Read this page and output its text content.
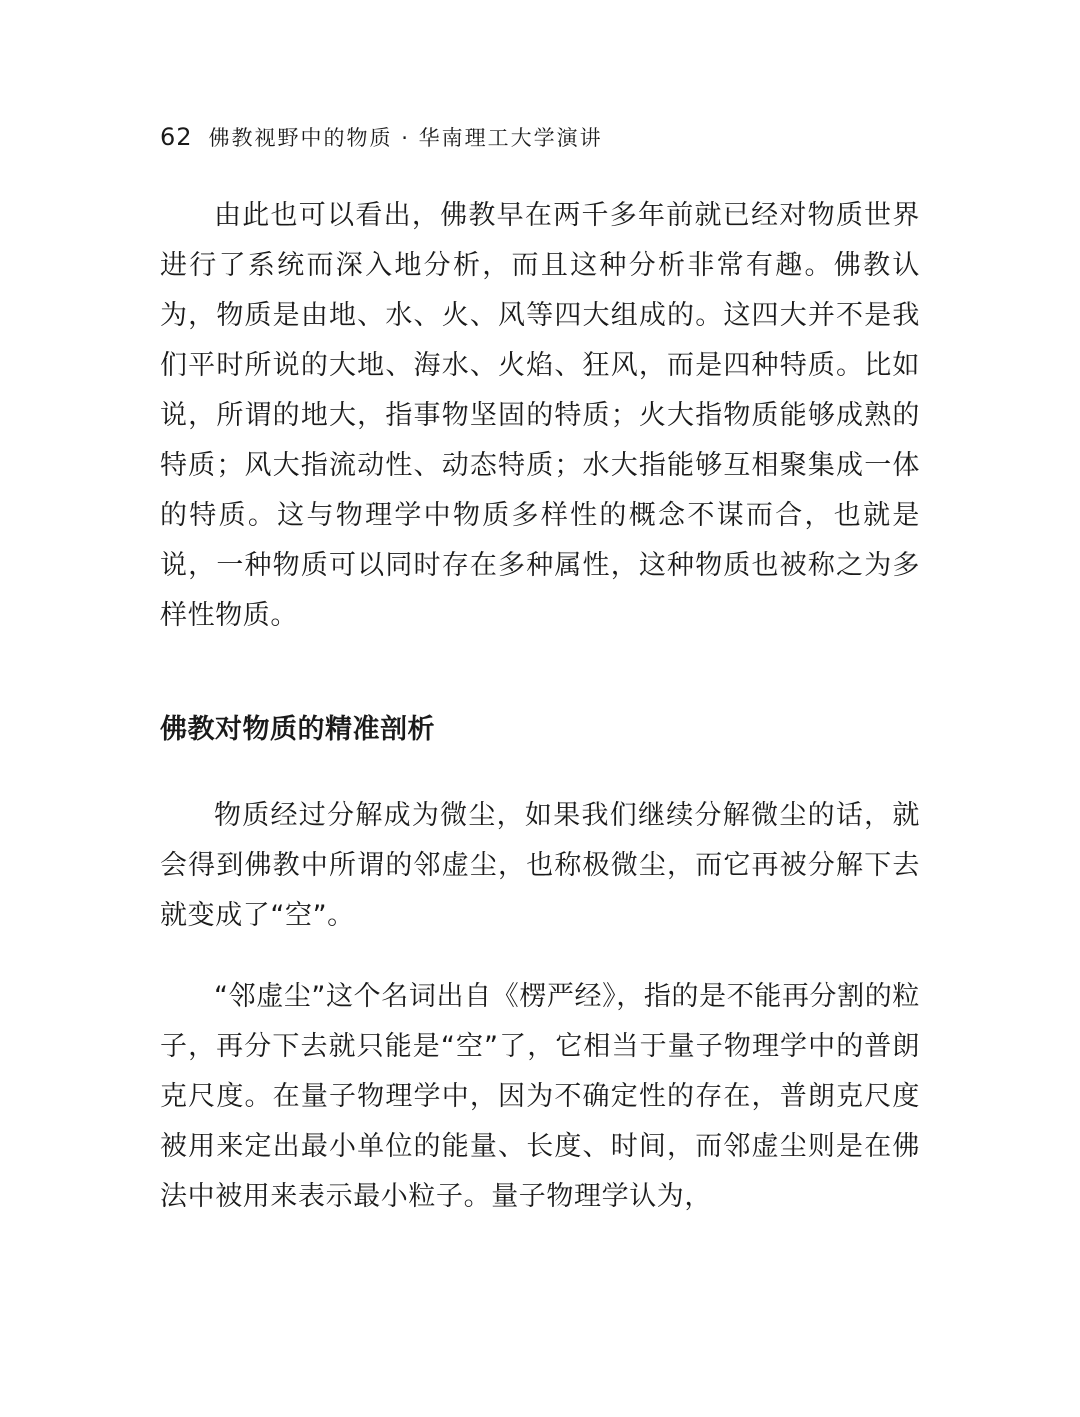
62 佛教视野中的物质 · 华南理工大学演讲

由此也可以看出，佛教早在两千多年前就已经对物质世界进行了系统而深入地分析，而且这种分析非常有趣。佛教认为，物质是由地、水、火、风等四大组成的。这四大并不是我们平时所说的大地、海水、火焰、狂风，而是四种特质。比如说，所谓的地大，指事物坚固的特质；火大指物质能够成熟的特质；风大指流动性、动态特质；水大指能够互相聚集成一体的特质。这与物理学中物质多样性的概念不谋而合，也就是说，一种物质可以同时存在多种属性，这种物质也被称之为多样性物质。

佛教对物质的精准剖析

物质经过分解成为微尘，如果我们继续分解微尘的话，就会得到佛教中所谓的邻虚尘，也称极微尘，而它再被分解下去就变成了“空”。

“邻虚尘”这个名词出自《楞严经》，指的是不能再分割的粒子，再分下去就只能是“空”了，它相当于量子物理学中的普朗克尺度。在量子物理学中，因为不确定性的存在，普朗克尺度被用来定出最小单位的能量、长度、时间，而邻虚尘则是在佛法中被用来表示最小粒子。量子物理学认为，
